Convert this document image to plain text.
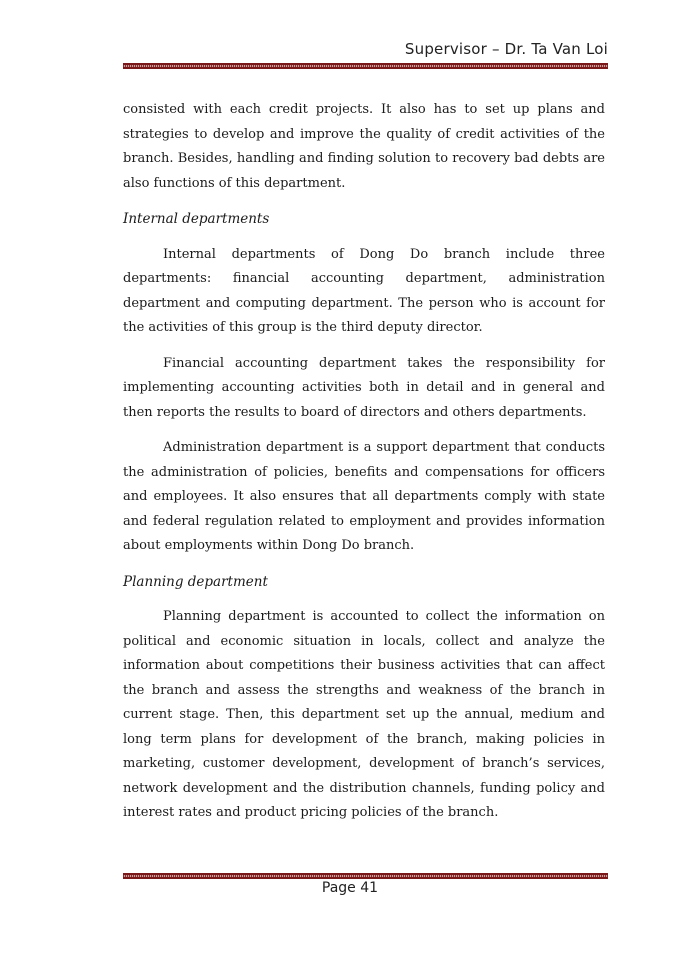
Supervisor – Dr. Ta Van Loi

consisted with each credit projects. It also has to set up plans and strategies to develop and improve the quality of credit activities of the branch. Besides, handling and finding solution to recovery bad debts are also functions of this department.

Internal departments

Internal departments of Dong Do branch include three departments: financial accounting department, administration department and computing department. The person who is account for the activities of this group is the third deputy director.

Financial accounting department takes the responsibility for implementing accounting activities both in detail and in general and then reports the results to board of directors and others departments.

Administration department is a support department that conducts the administration of policies, benefits and compensations for officers and employees. It also ensures that all departments comply with state and federal regulation related to employment and provides information about employments within Dong Do branch.

Planning department

Planning department is accounted to collect the information on political and economic situation in locals, collect and analyze the information about competitions their business activities that can affect the branch and assess the strengths and weakness of the branch in current stage. Then, this department set up the annual, medium and long term plans for development of the branch, making policies in marketing, customer development, development of branch’s services, network development and the distribution channels, funding policy and interest rates and product pricing policies of the branch.

Page 41
